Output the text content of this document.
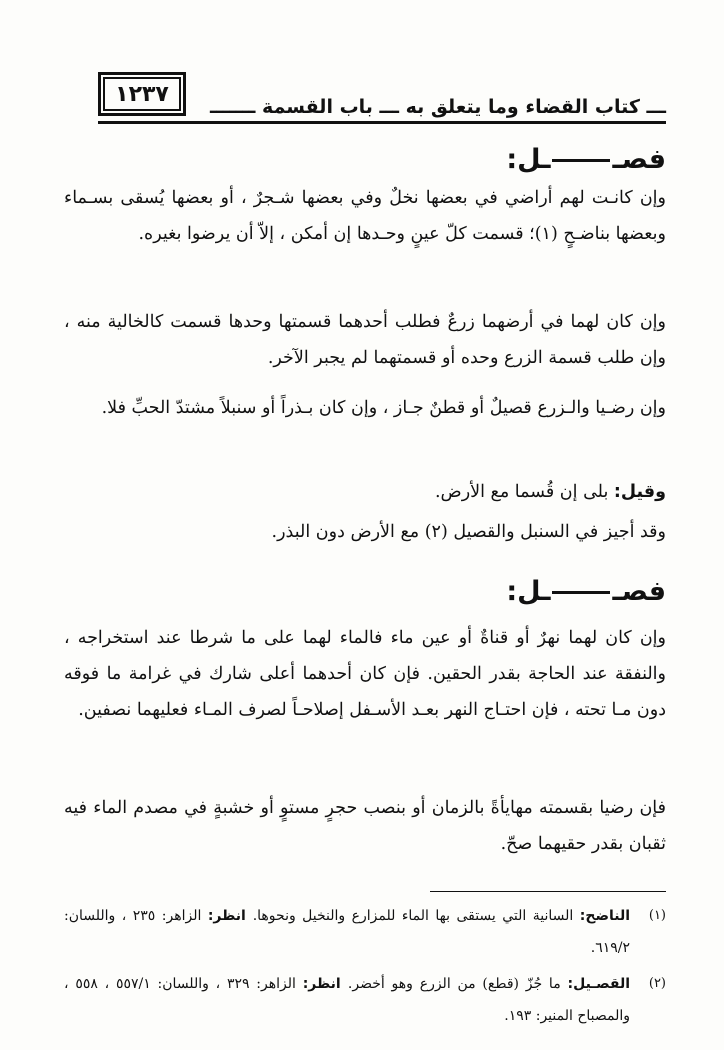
١٢٣٧
ـــ كتاب القضاء وما يتعلق به ـــ باب القسمة ـــــــ
فصــل:
وإن كانـت لهم أراضي في بعضها نخلٌ وفي بعضها شـجرٌ ، أو بعضها يُسقى بسـماء وبعضها بناضـحٍ (١)؛ قسمت كلّ عينٍ وحـدها إن أمكن ، إلاّ أن يرضوا بغيره.
وإن كان لهما في أرضهما زرعٌ فطلب أحدهما قسمتها وحدها قسمت كالخالية منه ، وإن طلب قسمة الزرع وحده أو قسمتهما لم يجبر الآخر.
وإن رضـيا والـزرع قصيلٌ أو قطنٌ جـاز ، وإن كان بـذراً أو سنبلاً مشتدّ الحبِّ فلا.
وقيل: بلى إن قُسما مع الأرض.
وقد أجيز في السنبل والقصيل (٢) مع الأرض دون البذر.
فصــل:
وإن كان لهما نهرٌ أو قناةٌ أو عين ماء فالماء لهما على ما شرطا عند استخراجه ، والنفقة عند الحاجة بقدر الحقين. فإن كان أحدهما أعلى شارك في غرامة ما فوقه دون مـا تحته ، فإن احتـاج النهر بعـد الأسـفل إصلاحـاً لصرف المـاء فعليهما نصفين.
فإن رضيا بقسمته مهايأةً بالزمان أو بنصب حجرٍ مستوٍ أو خشبةٍ في مصدم الماء فيه ثقبان بقدر حقيهما صحّ.
(١)
الناضح: السانية التي يستقى بها الماء للمزارع والنخيل ونحوها. انظر: الزاهر: ٢٣٥ ، واللسان: ٦١٩/٢.
(٢)
القصـيل: ما جُزّ (قطع) من الزرع وهو أخضر. انظر: الزاهر: ٣٢٩ ، واللسان: ٥٥٧/١ ، ٥٥٨ ، والمصباح المنير: ١٩٣.
